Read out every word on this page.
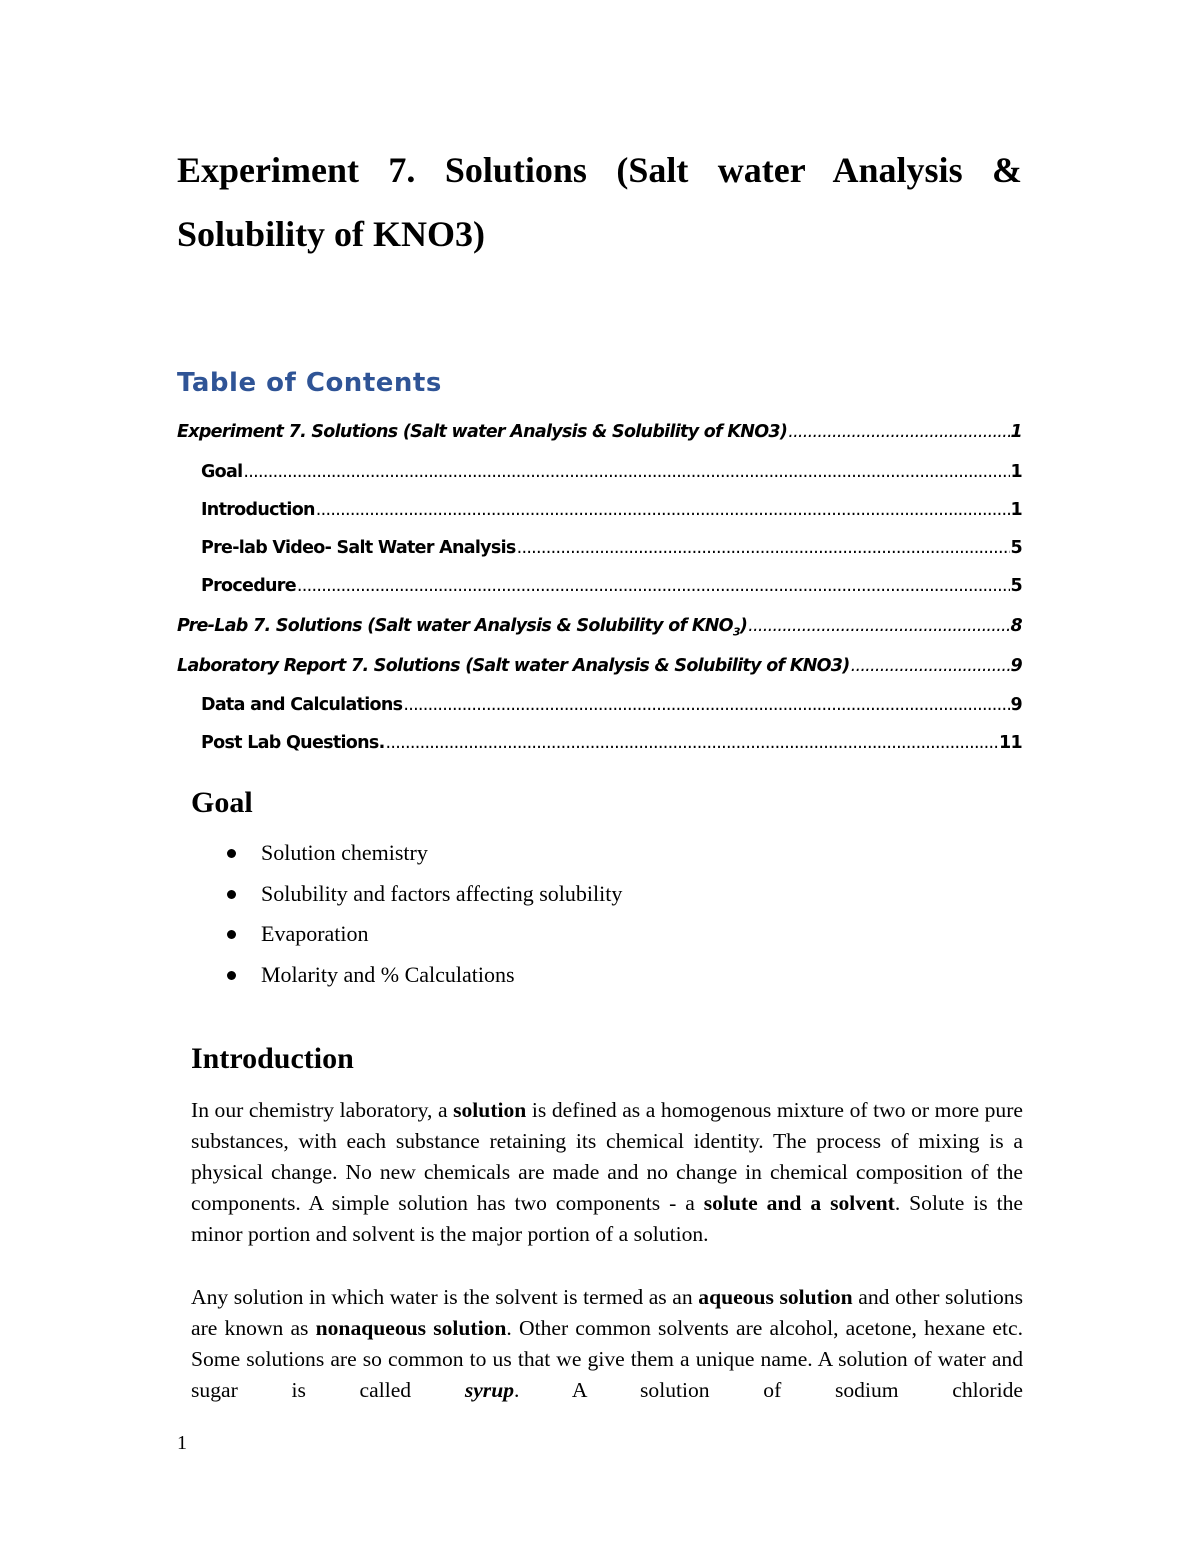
Experiment 7. Solutions (Salt water Analysis & Solubility of KNO3)
Table of Contents
Experiment 7. Solutions (Salt water Analysis & Solubility of KNO3) .....	1
Goal .....	1
Introduction .....	1
Pre-lab Video- Salt Water Analysis .....	5
Procedure .....	5
Pre-Lab 7. Solutions (Salt water Analysis & Solubility of $KNO_3$) .....	8
Laboratory Report 7. Solutions (Salt water Analysis & Solubility of KNO3) .....	9
Data and Calculations .....	9
Post Lab Questions. .....	11
Goal
Solution chemistry
Solubility and factors affecting solubility
Evaporation
Molarity and % Calculations
Introduction

In our chemistry laboratory, a solution is defined as a homogenous mixture of two or more pure substances, with each substance retaining its chemical identity. The process of mixing is a physical change. No new chemicals are made and no change in chemical composition of the components. A simple solution has two components - a solute and a solvent. Solute is the minor portion and solvent is the major portion of a solution.

Any solution in which water is the solvent is termed as an aqueous solution and other solutions are known as nonaqueous solution. Other common solvents are alcohol, acetone, hexane etc. Some solutions are so common to us that we give them a unique name. A solution of water and sugar is called syrup. A solution of sodium chloride

1
